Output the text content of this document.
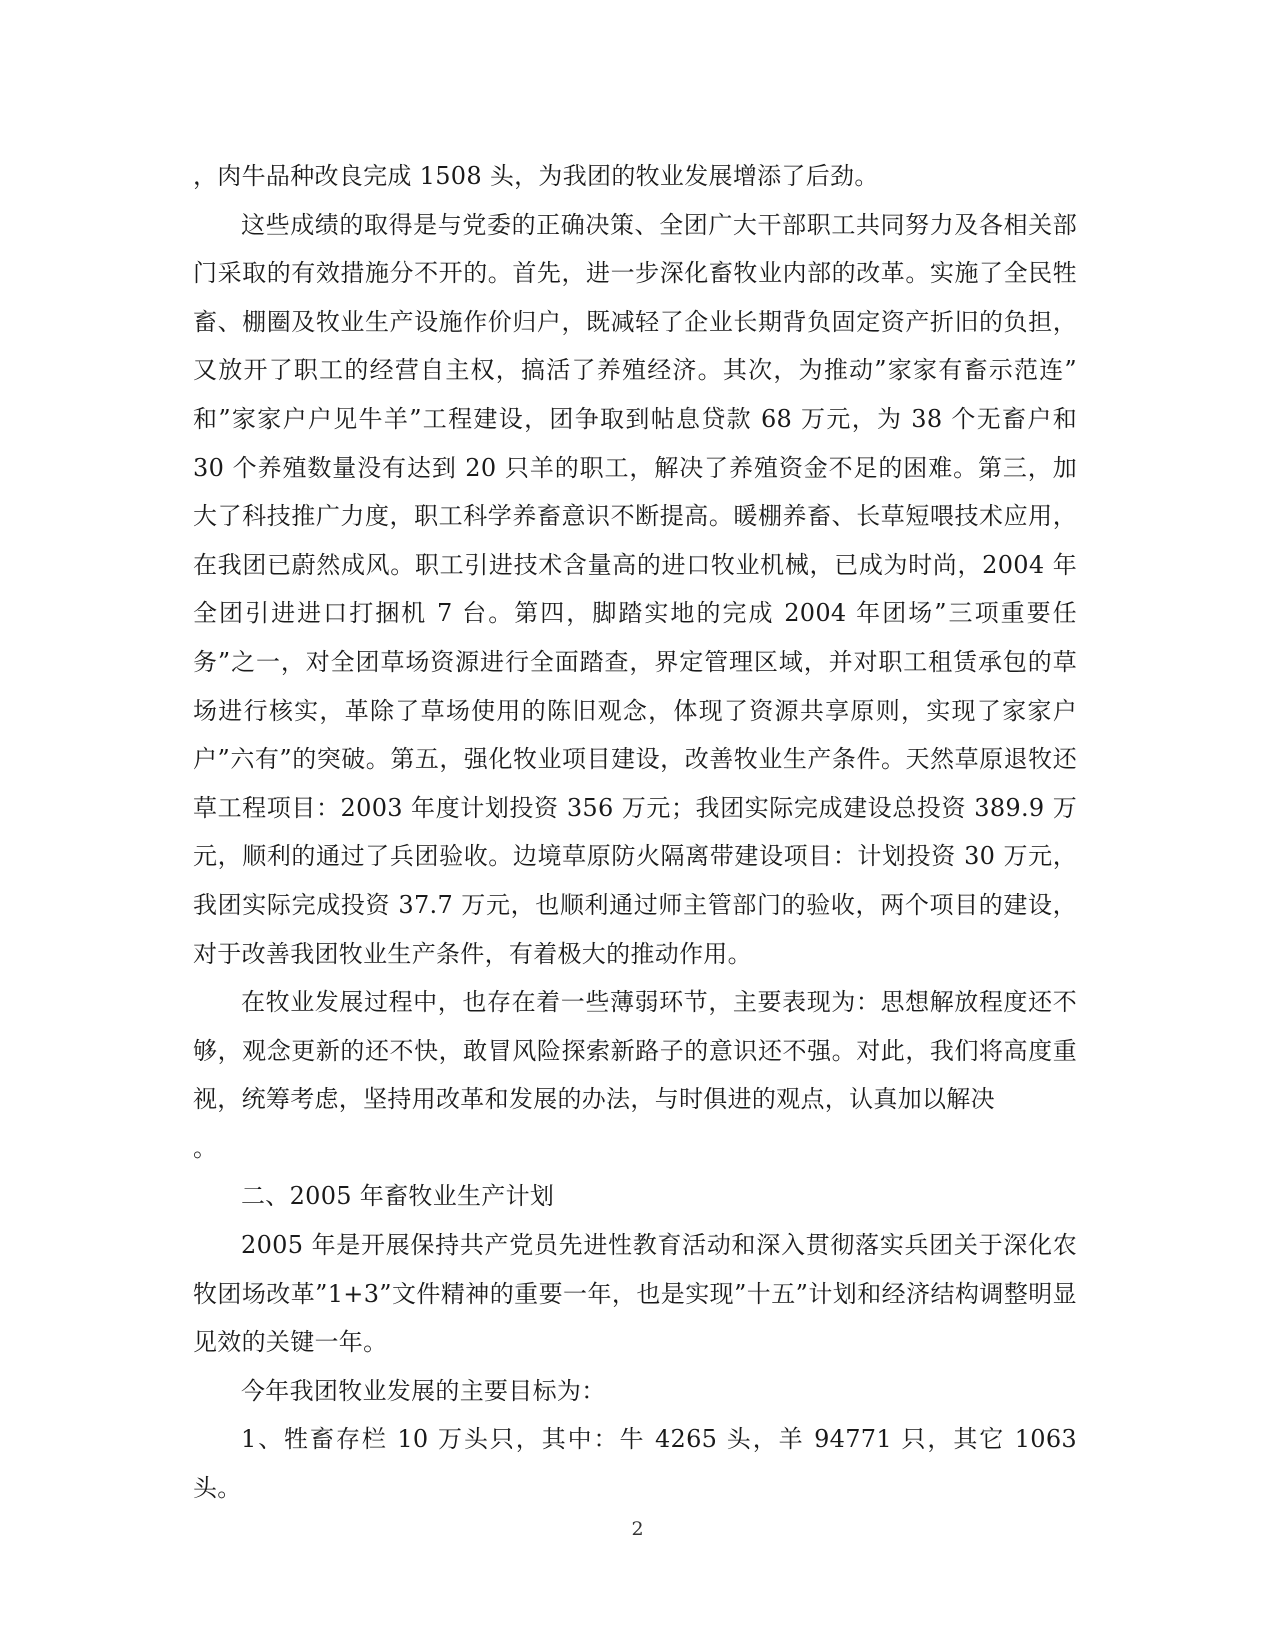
，肉牛品种改良完成 1508 头，为我团的牧业发展增添了后劲。

这些成绩的取得是与党委的正确决策、全团广大干部职工共同努力及各相关部门采取的有效措施分不开的。首先，进一步深化畜牧业内部的改革。实施了全民牲畜、棚圈及牧业生产设施作价归户，既减轻了企业长期背负固定资产折旧的负担，又放开了职工的经营自主权，搞活了养殖经济。其次，为推动”家家有畜示范连” 和”家家户户见牛羊”工程建设，团争取到帖息贷款 68 万元，为 38 个无畜户和 30 个养殖数量没有达到 20 只羊的职工，解决了养殖资金不足的困难。第三，加大了科技推广力度，职工科学养畜意识不断提高。暖棚养畜、长草短喂技术应用，在我团已蔚然成风。职工引进技术含量高的进口牧业机械，已成为时尚，2004 年全团引进进口打捆机 7 台。第四，脚踏实地的完成 2004 年团场”三项重要任务”之一，对全团草场资源进行全面踏查，界定管理区域，并对职工租赁承包的草场进行核实，革除了草场使用的陈旧观念，体现了资源共享原则，实现了家家户户”六有”的突破。第五，强化牧业项目建设，改善牧业生产条件。天然草原退牧还草工程项目：2003 年度计划投资 356 万元；我团实际完成建设总投资 389.9 万元，顺利的通过了兵团验收。边境草原防火隔离带建设项目：计划投资 30 万元，我团实际完成投资 37.7 万元，也顺利通过师主管部门的验收，两个项目的建设，对于改善我团牧业生产条件，有着极大的推动作用。

在牧业发展过程中，也存在着一些薄弱环节，主要表现为：思想解放程度还不够，观念更新的还不快，敢冒风险探索新路子的意识还不强。对此，我们将高度重视，统筹考虑，坚持用改革和发展的办法，与时俱进的观点，认真加以解决

。

二、2005 年畜牧业生产计划

2005 年是开展保持共产党员先进性教育活动和深入贯彻落实兵团关于深化农牧团场改革”1+3”文件精神的重要一年，也是实现”十五”计划和经济结构调整明显见效的关键一年。

今年我团牧业发展的主要目标为：

1、牲畜存栏 10 万头只，其中：牛 4265 头，羊 94771 只，其它 1063 头。

2
